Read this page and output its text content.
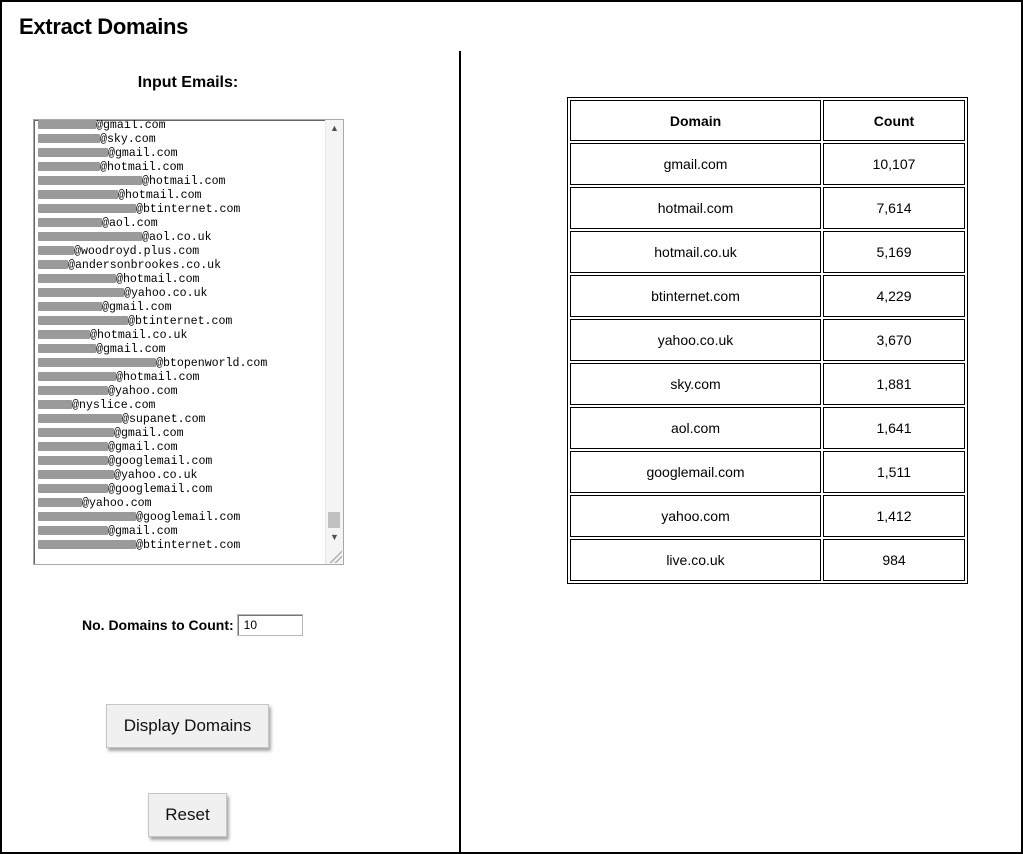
Extract Domains
Input Emails:
@gmail.com
@sky.com
@gmail.com
@hotmail.com
@hotmail.com
@hotmail.com
@btinternet.com
@aol.com
@aol.co.uk
@woodroyd.plus.com
@andersonbrookes.co.uk
@hotmail.com
@yahoo.co.uk
@gmail.com
@btinternet.com
@hotmail.co.uk
@gmail.com
@btopenworld.com
@hotmail.com
@yahoo.com
@nyslice.com
@supanet.com
@gmail.com
@gmail.com
@googlemail.com
@yahoo.co.uk
@googlemail.com
@yahoo.com
@googlemail.com
@gmail.com
@btinternet.com
▲
▼
No. Domains to Count:
10
Display Domains
Reset
Domain	Count
gmail.com	10,107
hotmail.com	7,614
hotmail.co.uk	5,169
btinternet.com	4,229
yahoo.co.uk	3,670
sky.com	1,881
aol.com	1,641
googlemail.com	1,511
yahoo.com	1,412
live.co.uk	984
